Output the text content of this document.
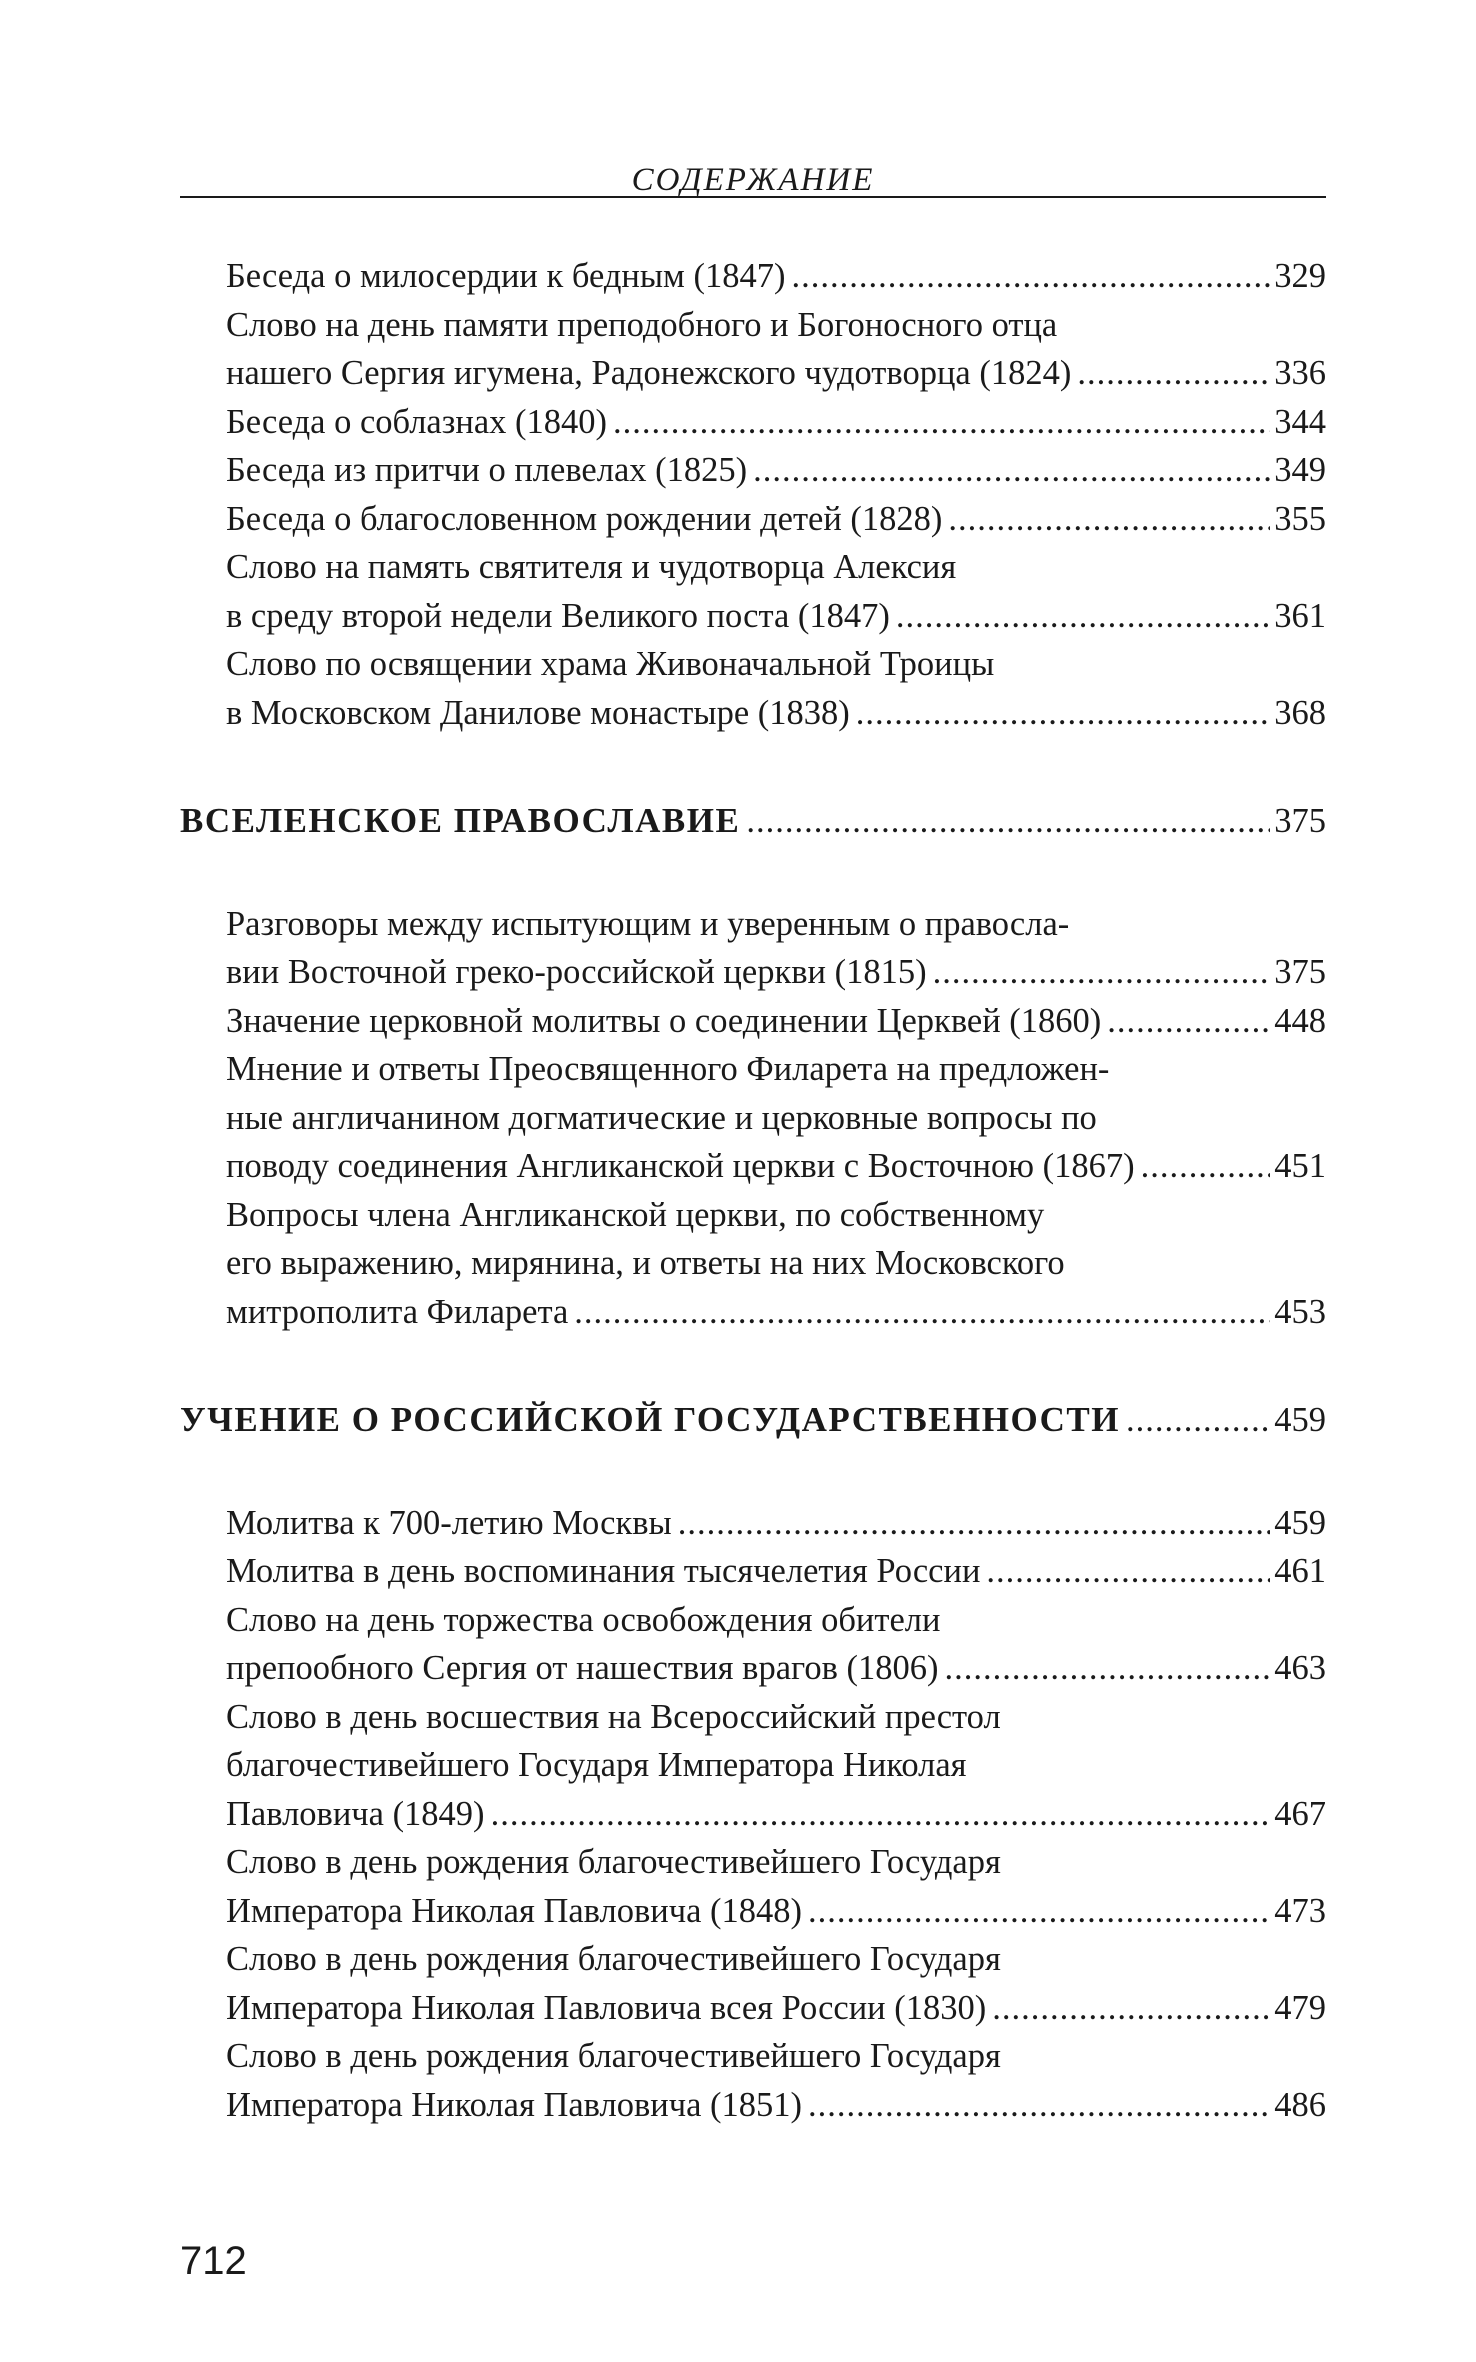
СОДЕРЖАНИЕ
Беседа о милосердии к бедным (1847) .....	329
Слово на день памяти преподобного и Богоносного отца
нашего Сергия игумена, Радонежского чудотворца (1824) .....	336
Беседа о соблазнах (1840) .....	344
Беседа из притчи о плевелах (1825) .....	349
Беседа о благословенном рождении детей (1828) .....	355
Слово на память святителя и чудотворца Алексия
в среду второй недели Великого поста (1847) .....	361
Слово по освящении храма Живоначальной Троицы
в Московском Данилове монастыре (1838) .....	368
ВСЕЛЕНСКОЕ ПРАВОСЛАВИЕ .....	375
Разговоры между испытующим и уверенным о правосла-
вии Восточной греко-российской церкви (1815) .....	375
Значение церковной молитвы о соединении Церквей (1860) .....	448
Мнение и ответы Преосвященного Филарета на предложен-
ные англичанином догматические и церковные вопросы по
поводу соединения Англиканской церкви с Восточною (1867) .....	451
Вопросы члена Англиканской церкви, по собственному
его выражению, мирянина, и ответы на них Московского
митрополита Филарета .....	453
УЧЕНИЕ О РОССИЙСКОЙ ГОСУДАРСТВЕННОСТИ .....	459
Молитва к 700-летию Москвы .....	459
Молитва в день воспоминания тысячелетия России .....	461
Слово на день торжества освобождения обители
препообного Сергия от нашествия врагов (1806) .....	463
Слово в день восшествия на Всероссийский престол
благочестивейшего Государя Императора Николая
Павловича (1849) .....	467
Слово в день рождения благочестивейшего Государя
Императора Николая Павловича (1848) .....	473
Слово в день рождения благочестивейшего Государя
Императора Николая Павловича всея России (1830) .....	479
Слово в день рождения благочестивейшего Государя
Императора Николая Павловича (1851) .....	486
712
